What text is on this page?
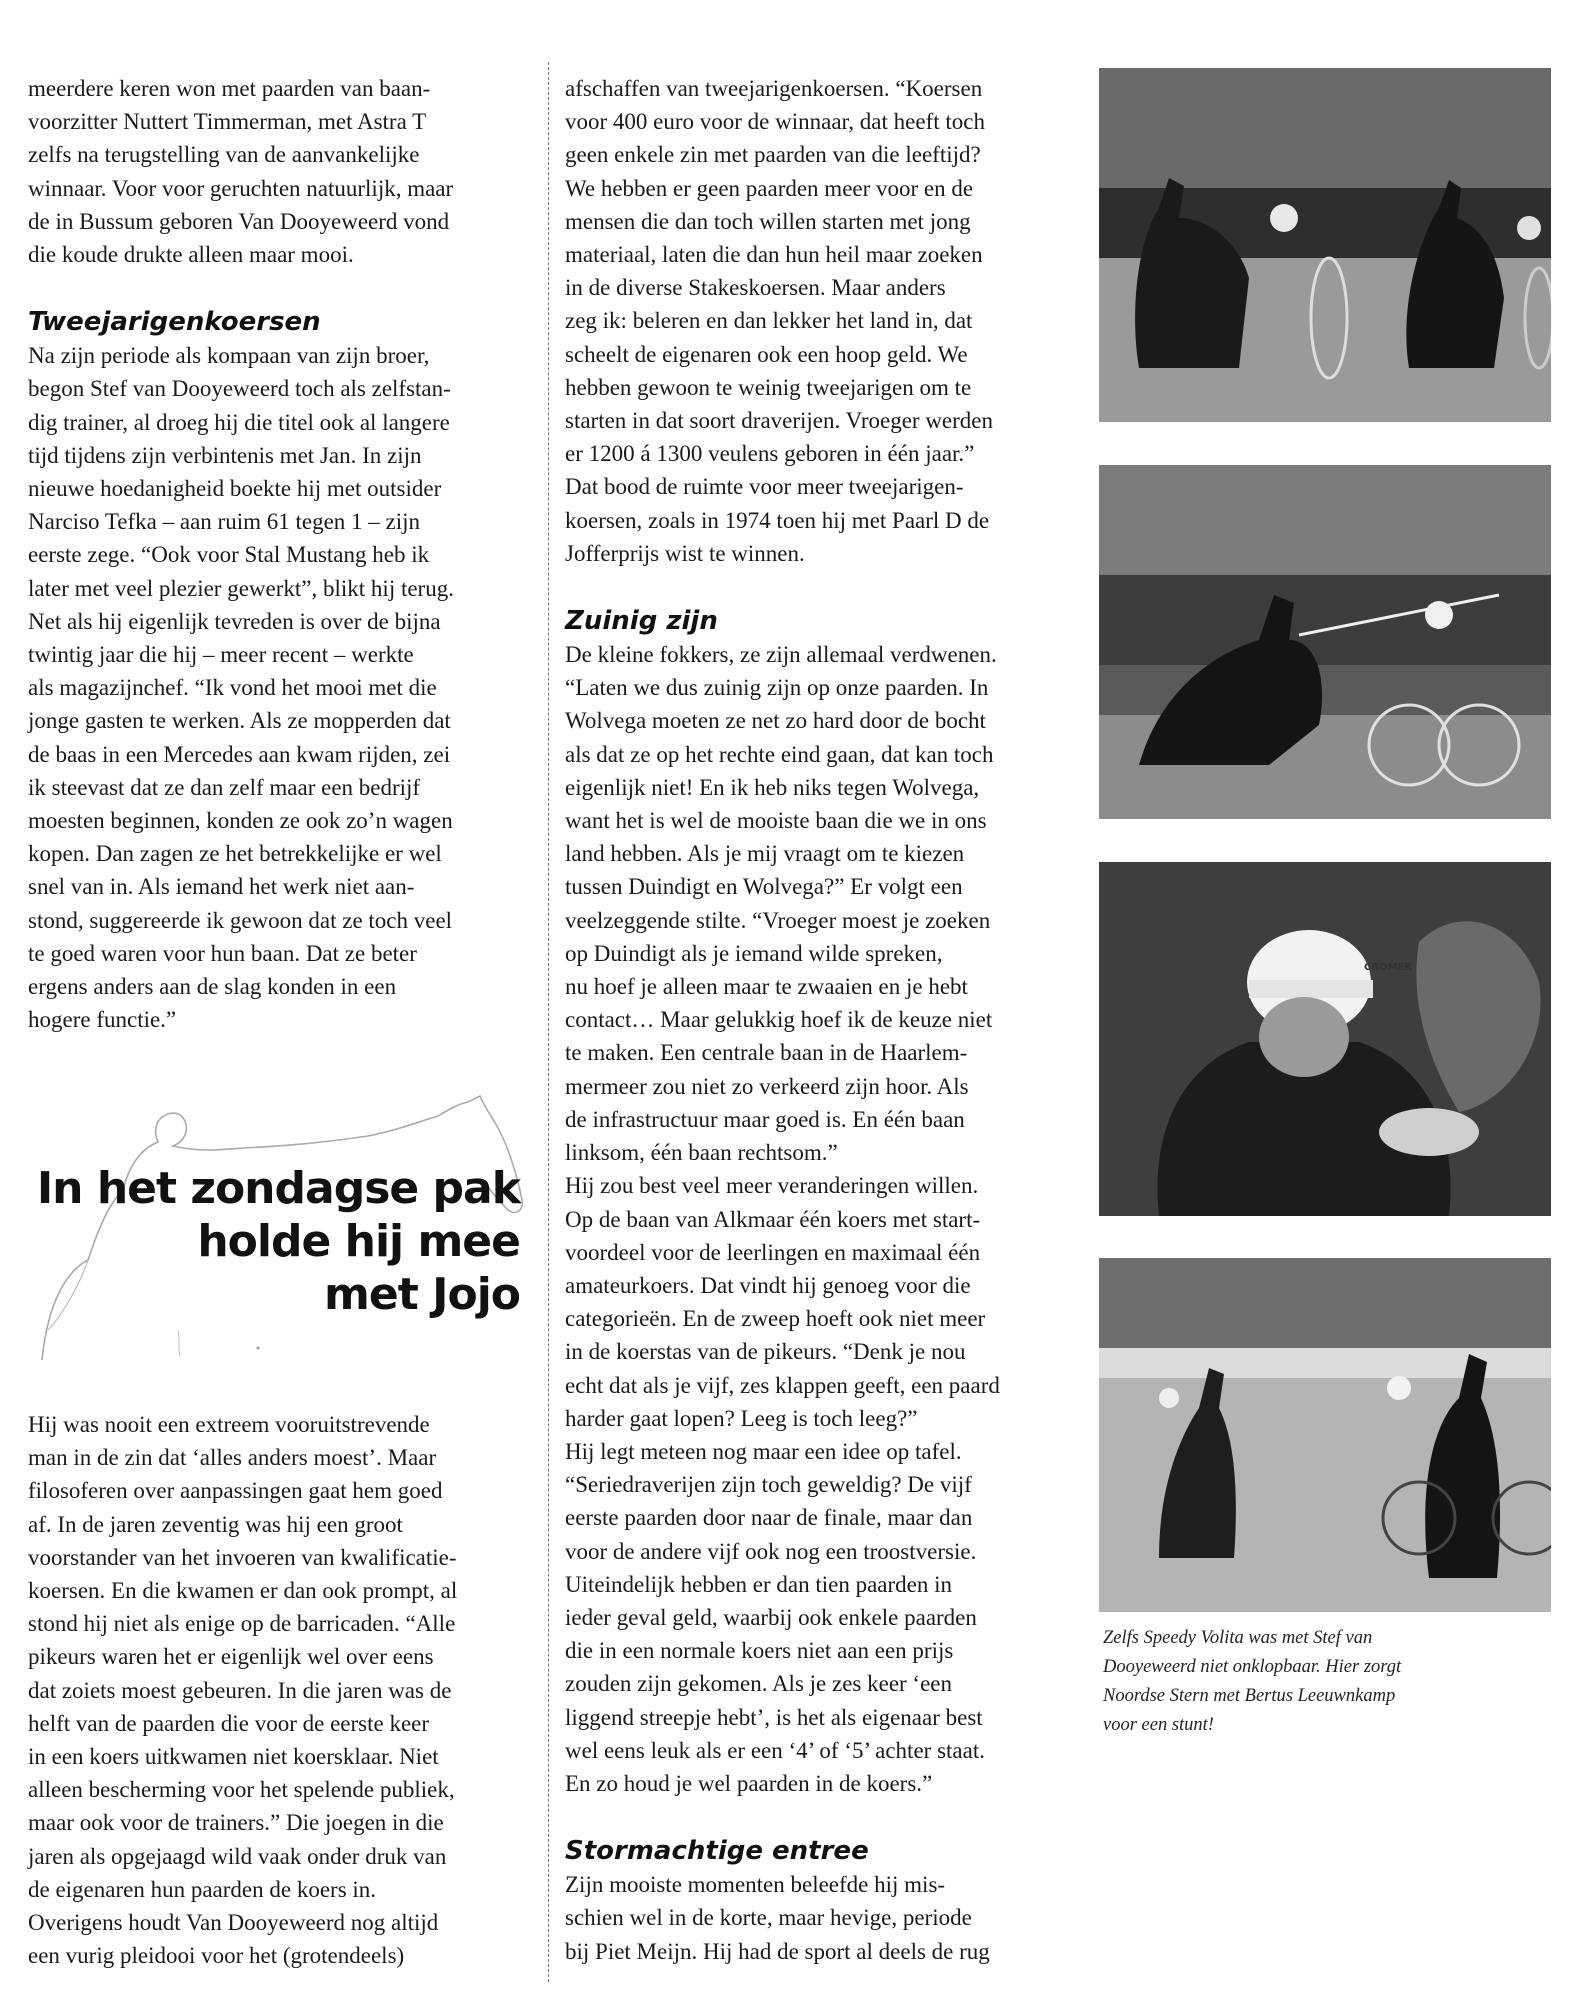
meerdere keren won met paarden van baan-

voorzitter Nuttert Timmerman, met Astra T

zelfs na terugstelling van de aanvankelijke

winnaar. Voor voor geruchten natuurlijk, maar

de in Bussum geboren Van Dooyeweerd vond

die koude drukte alleen maar mooi.

Tweejarigenkoersen

Na zijn periode als kompaan van zijn broer,

begon Stef van Dooyeweerd toch als zelfstan-

dig trainer, al droeg hij die titel ook al langere

tijd tijdens zijn verbintenis met Jan. In zijn

nieuwe hoedanigheid boekte hij met outsider

Narciso Tefka – aan ruim 61 tegen 1 – zijn

eerste zege. “Ook voor Stal Mustang heb ik

later met veel plezier gewerkt”, blikt hij terug.

Net als hij eigenlijk tevreden is over de bijna

twintig jaar die hij – meer recent – werkte

als magazijnchef. “Ik vond het mooi met die

jonge gasten te werken. Als ze mopperden dat

de baas in een Mercedes aan kwam rijden, zei

ik steevast dat ze dan zelf maar een bedrijf

moesten beginnen, konden ze ook zo’n wagen

kopen. Dan zagen ze het betrekkelijke er wel

snel van in. Als iemand het werk niet aan-

stond, suggereerde ik gewoon dat ze toch veel

te goed waren voor hun baan. Dat ze beter

ergens anders aan de slag konden in een

hogere functie.”

In het zondagse pak
holde hij mee
met Jojo

Hij was nooit een extreem vooruitstrevende

man in de zin dat ‘alles anders moest’. Maar

filosoferen over aanpassingen gaat hem goed

af. In de jaren zeventig was hij een groot

voorstander van het invoeren van kwalificatie-

koersen. En die kwamen er dan ook prompt, al

stond hij niet als enige op de barricaden. “Alle

pikeurs waren het er eigenlijk wel over eens

dat zoiets moest gebeuren. In die jaren was de

helft van de paarden die voor de eerste keer

in een koers uitkwamen niet koersklaar. Niet

alleen bescherming voor het spelende publiek,

maar ook voor de trainers.” Die joegen in die

jaren als opgejaagd wild vaak onder druk van

de eigenaren hun paarden de koers in.

Overigens houdt Van Dooyeweerd nog altijd

een vurig pleidooi voor het (grotendeels)

afschaffen van tweejarigenkoersen. “Koersen

voor 400 euro voor de winnaar, dat heeft toch

geen enkele zin met paarden van die leeftijd?

We hebben er geen paarden meer voor en de

mensen die dan toch willen starten met jong

materiaal, laten die dan hun heil maar zoeken

in de diverse Stakeskoersen. Maar anders

zeg ik: beleren en dan lekker het land in, dat

scheelt de eigenaren ook een hoop geld. We

hebben gewoon te weinig tweejarigen om te

starten in dat soort draverijen. Vroeger werden

er 1200 á 1300 veulens geboren in één jaar.”

Dat bood de ruimte voor meer tweejarigen-

koersen, zoals in 1974 toen hij met Paarl D de

Jofferprijs wist te winnen.

Zuinig zijn

De kleine fokkers, ze zijn allemaal verdwenen.

“Laten we dus zuinig zijn op onze paarden. In

Wolvega moeten ze net zo hard door de bocht

als dat ze op het rechte eind gaan, dat kan toch

eigenlijk niet! En ik heb niks tegen Wolvega,

want het is wel de mooiste baan die we in ons

land hebben. Als je mij vraagt om te kiezen

tussen Duindigt en Wolvega?” Er volgt een

veelzeggende stilte. “Vroeger moest je zoeken

op Duindigt als je iemand wilde spreken,

nu hoef je alleen maar te zwaaien en je hebt

contact… Maar gelukkig hoef ik de keuze niet

te maken. Een centrale baan in de Haarlem-

mermeer zou niet zo verkeerd zijn hoor. Als

de infrastructuur maar goed is. En één baan

linksom, één baan rechtsom.”

Hij zou best veel meer veranderingen willen.

Op de baan van Alkmaar één koers met start-

voordeel voor de leerlingen en maximaal één

amateurkoers. Dat vindt hij genoeg voor die

categorieën. En de zweep hoeft ook niet meer

in de koerstas van de pikeurs. “Denk je nou

echt dat als je vijf, zes klappen geeft, een paard

harder gaat lopen? Leeg is toch leeg?”

Hij legt meteen nog maar een idee op tafel.

“Seriedraverijen zijn toch geweldig? De vijf

eerste paarden door naar de finale, maar dan

voor de andere vijf ook nog een troostversie.

Uiteindelijk hebben er dan tien paarden in

ieder geval geld, waarbij ook enkele paarden

die in een normale koers niet aan een prijs

zouden zijn gekomen. Als je zes keer ‘een

liggend streepje hebt’, is het als eigenaar best

wel eens leuk als er een ‘4’ of ‘5’ achter staat.

En zo houd je wel paarden in de koers.”

Stormachtige entree

Zijn mooiste momenten beleefde hij mis-

schien wel in de korte, maar hevige, periode

bij Piet Meijn. Hij had de sport al deels de rug

CROMER
Zelfs Speedy Volita was met Stef van
Dooyeweerd niet onklopbaar. Hier zorgt
Noordse Stern met Bertus Leeuwnkamp
voor een stunt!
